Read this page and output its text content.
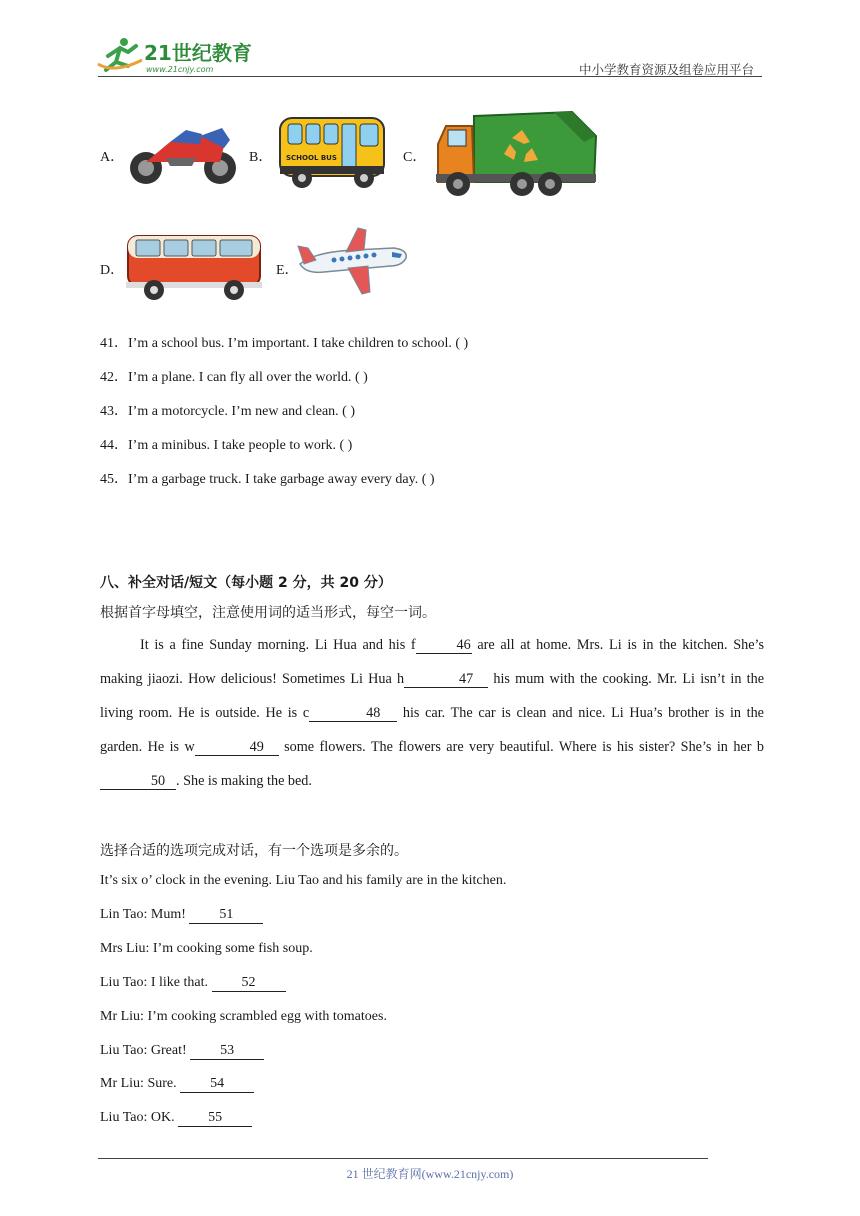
21世纪教育
www.21cnjy.com	中小学教育资源及组卷应用平台
A．	B． SCHOOL BUS	C．
D．	E．
41．I’m a school bus. I’m important. I take children to school. ( )
42．I’m a plane. I can fly all over the world. ( )
43．I’m a motorcycle. I’m new and clean. ( )
44．I’m a minibus. I take people to work. ( )
45．I’m a garbage truck. I take garbage away every day. ( )
八、补全对话/短文（每小题 2 分，共 20 分）
根据首字母填空，注意使用词的适当形式，每空一词。

It is a fine Sunday morning. Li Hua and his f	46 are all at home. Mrs. Li is in the kitchen. She’s making jiaozi. How delicious! Sometimes Li Hua h	47 his mum with the cooking. Mr. Li isn’t in the living room. He is outside. He is c	48 his car. The car is clean and nice. Li Hua’s brother is in the garden. He is w	49 some flowers. The flowers are very beautiful. Where is his sister? She’s in her b50 . She is making the bed.

选择合适的选项完成对话，有一个选项是多余的。
It’s six o’ clock in the evening. Liu Tao and his family are in the kitchen.
Lin Tao: Mum! 51
Mrs Liu: I’m cooking some fish soup.
Liu Tao: I like that. 52
Mr Liu: I’m cooking scrambled egg with tomatoes.
Liu Tao: Great! 53
Mr Liu: Sure. 54
Liu Tao: OK. 55
21 世纪教育网(www.21cnjy.com)
